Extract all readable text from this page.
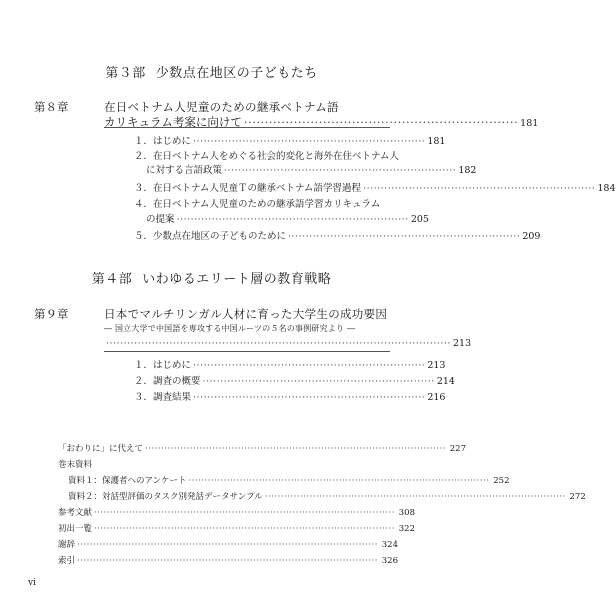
第３部 少数点在地区の子どもたち
第８章	在日ベトナム人児童のための継承ベトナム語
カリキュラム考案に向けて ·································································· 181
１．はじめに ·································································· 181
２．在日ベトナム人をめぐる社会的変化と海外在住ベトナム人
に対する言語政策 ·································································· 182
３．在日ベトナム人児童Ｔの継承ベトナム語学習過程 ·································································· 184
４．在日ベトナム人児童のための継承語学習カリキュラム
の提案 ·································································· 205
５．少数点在地区の子どものために ·································································· 209
第４部 いわゆるエリート層の教育戦略
第９章	日本でマルチリンガル人材に育った大学生の成功要因
― 国立大学で中国語を専攻する中国ルーツの５名の事例研究より ―
·································································································· 213
１．はじめに ·································································· 213
２．調査の概要 ·································································· 214
３．調査結果 ·································································· 216
「おわりに」に代えて ······························································································ 227
巻末資料
資料１：保護者へのアンケート ······························································································ 252
資料２：対話型評価のタスク別発話データサンプル ······························································································ 272
参考文献 ······························································································ 308
初出一覧 ······························································································ 322
謝辞 ······························································································ 324
索引 ······························································································ 326
vi
